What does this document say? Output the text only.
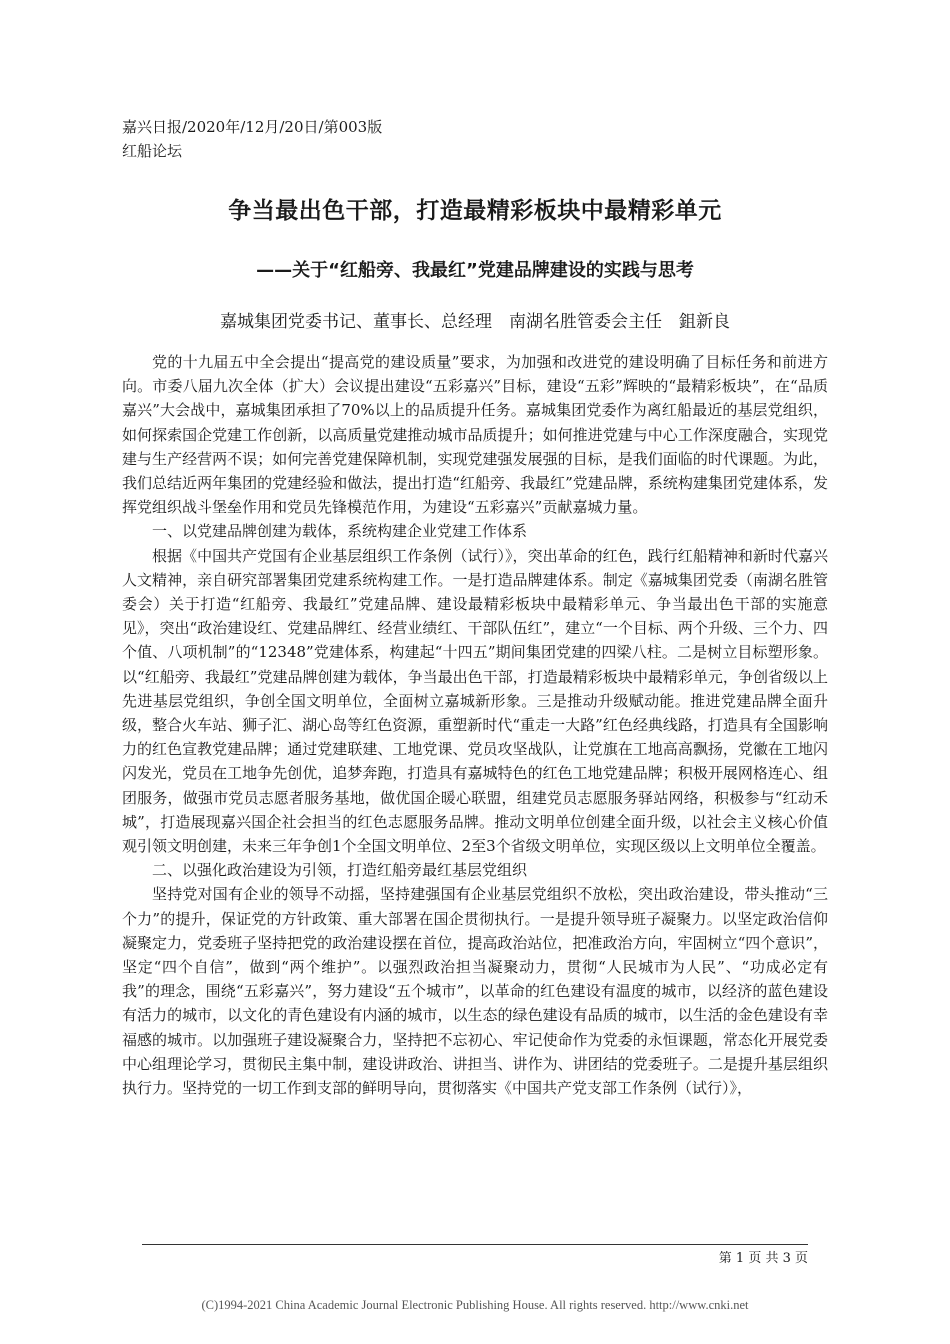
嘉兴日报/2020年/12月/20日/第003版
红船论坛
争当最出色干部，打造最精彩板块中最精彩单元
——关于“红船旁、我最红”党建品牌建设的实践与思考
嘉城集团党委书记、董事长、总经理　南湖名胜管委会主任　鉏新良

党的十九届五中全会提出“提高党的建设质量”要求，为加强和改进党的建设明确了目标任务和前进方向。市委八届九次全体（扩大）会议提出建设“五彩嘉兴”目标，建设“五彩”辉映的“最精彩板块”，在“品质嘉兴”大会战中，嘉城集团承担了70%以上的品质提升任务。嘉城集团党委作为离红船最近的基层党组织，如何探索国企党建工作创新，以高质量党建推动城市品质提升；如何推进党建与中心工作深度融合，实现党建与生产经营两不误；如何完善党建保障机制，实现党建强发展强的目标，是我们面临的时代课题。为此，我们总结近两年集团的党建经验和做法，提出打造“红船旁、我最红”党建品牌，系统构建集团党建体系，发挥党组织战斗堡垒作用和党员先锋模范作用，为建设“五彩嘉兴”贡献嘉城力量。

一、以党建品牌创建为载体，系统构建企业党建工作体系

根据《中国共产党国有企业基层组织工作条例（试行）》，突出革命的红色，践行红船精神和新时代嘉兴人文精神，亲自研究部署集团党建系统构建工作。一是打造品牌建体系。制定《嘉城集团党委（南湖名胜管委会）关于打造“红船旁、我最红”党建品牌、建设最精彩板块中最精彩单元、争当最出色干部的实施意见》，突出“政治建设红、党建品牌红、经营业绩红、干部队伍红”，建立“一个目标、两个升级、三个力、四个值、八项机制”的“12348”党建体系，构建起“十四五”期间集团党建的四梁八柱。二是树立目标塑形象。以“红船旁、我最红”党建品牌创建为载体，争当最出色干部，打造最精彩板块中最精彩单元，争创省级以上先进基层党组织，争创全国文明单位，全面树立嘉城新形象。三是推动升级赋动能。推进党建品牌全面升级，整合火车站、狮子汇、湖心岛等红色资源，重塑新时代“重走一大路”红色经典线路，打造具有全国影响力的红色宣教党建品牌；通过党建联建、工地党课、党员攻坚战队，让党旗在工地高高飘扬，党徽在工地闪闪发光，党员在工地争先创优，追梦奔跑，打造具有嘉城特色的红色工地党建品牌；积极开展网格连心、组团服务，做强市党员志愿者服务基地，做优国企暖心联盟，组建党员志愿服务驿站网络，积极参与“红动禾城”，打造展现嘉兴国企社会担当的红色志愿服务品牌。推动文明单位创建全面升级，以社会主义核心价值观引领文明创建，未来三年争创1个全国文明单位、2至3个省级文明单位，实现区级以上文明单位全覆盖。

二、以强化政治建设为引领，打造红船旁最红基层党组织

坚持党对国有企业的领导不动摇，坚持建强国有企业基层党组织不放松，突出政治建设，带头推动“三个力”的提升，保证党的方针政策、重大部署在国企贯彻执行。一是提升领导班子凝聚力。以坚定政治信仰凝聚定力，党委班子坚持把党的政治建设摆在首位，提高政治站位，把准政治方向，牢固树立“四个意识”，坚定“四个自信”，做到“两个维护”。以强烈政治担当凝聚动力，贯彻“人民城市为人民”、“功成必定有我”的理念，围绕“五彩嘉兴”，努力建设“五个城市”，以革命的红色建设有温度的城市，以经济的蓝色建设有活力的城市，以文化的青色建设有内涵的城市，以生态的绿色建设有品质的城市，以生活的金色建设有幸福感的城市。以加强班子建设凝聚合力，坚持把不忘初心、牢记使命作为党委的永恒课题，常态化开展党委中心组理论学习，贯彻民主集中制，建设讲政治、讲担当、讲作为、讲团结的党委班子。二是提升基层组织执行力。坚持党的一切工作到支部的鲜明导向，贯彻落实《中国共产党支部工作条例（试行）》，

第 1 页 共 3 页
(C)1994-2021 China Academic Journal Electronic Publishing House. All rights reserved. http://www.cnki.net
